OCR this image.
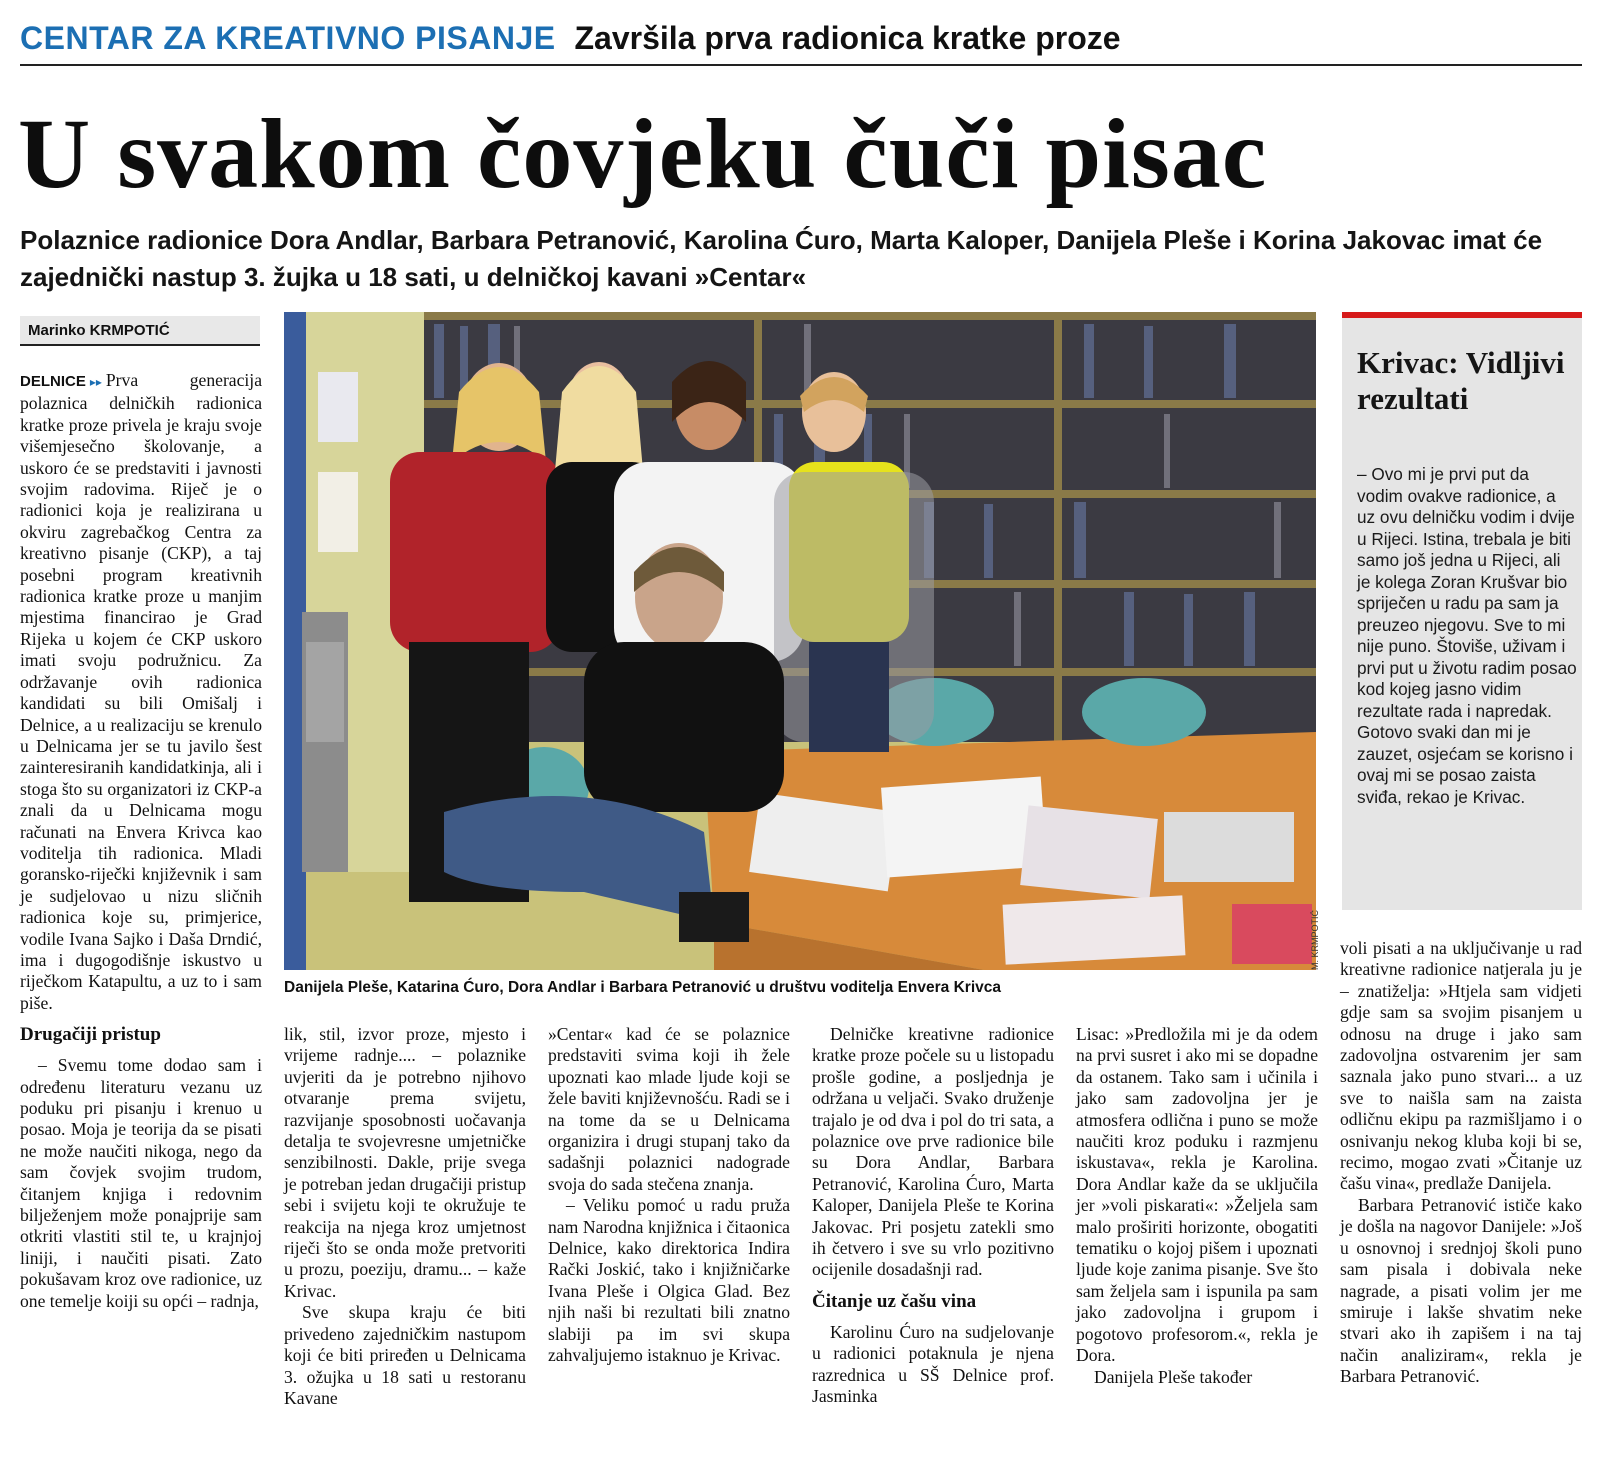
CENTAR ZA KREATIVNO PISANJE Završila prva radionica kratke proze
U svakom čovjeku čuči pisac
Polaznice radionice Dora Andlar, Barbara Petranović, Karolina Ćuro, Marta Kaloper, Danijela Pleše i Korina Jakovac imat će zajednički nastup 3. žujka u 18 sati, u delničkoj kavani »Centar«
Marinko KRMPOTIĆ

DELNICE ▸▸ Prva generacija polaznica delničkih radionica kratke proze privela je kraju svoje višemjesečno školovanje, a uskoro će se predstaviti i javnosti svojim radovima. Riječ je o radionici koja je realizirana u okviru zagrebačkog Centra za kreativno pisanje (CKP), a taj posebni program kreativnih radionica kratke proze u manjim mjestima financirao je Grad Rijeka u kojem će CKP uskoro imati svoju podružnicu. Za održavanje ovih radionica kandidati su bili Omišalj i Delnice, a u realizaciju se krenulo u Delnicama jer se tu javilo šest zainteresiranih kandidatkinja, ali i stoga što su organizatori iz CKP-a znali da u Delnicama mogu računati na Envera Krivca kao voditelja tih radionica. Mladi goransko-riječki književnik i sam je sudjelovao u nizu sličnih radionica koje su, primjerice, vodile Ivana Sajko i Daša Drndić, ima i dugogodišnje iskustvo u riječkom Katapultu, a uz to i sam piše.

Drugačiji pristup

– Svemu tome dodao sam i određenu literaturu vezanu uz poduku pri pisanju i krenuo u posao. Moja je teorija da se pisati ne može naučiti nikoga, nego da sam čovjek svojim trudom, čitanjem knjiga i redovnim bilježenjem može ponajprije sam otkriti vlastiti stil te, u krajnjoj liniji, i naučiti pisati. Zato pokušavam kroz ove radionice, uz one temelje koiji su opći – radnja,

M. KRMPOTIĆ
Danijela Pleše, Katarina Ćuro, Dora Andlar i Barbara Petranović u društvu voditelja Envera Krivca
Krivac: Vidljivi rezultati

– Ovo mi je prvi put da vodim ovakve radionice, a uz ovu delničku vodim i dvije u Rijeci. Istina, trebala je biti samo još jedna u Rijeci, ali je kolega Zoran Krušvar bio spriječen u radu pa sam ja preuzeo njegovu. Sve to mi nije puno. Štoviše, uživam i prvi put u životu radim posao kod kojeg jasno vidim rezultate rada i napredak. Gotovo svaki dan mi je zauzet, osjećam se korisno i ovaj mi se posao zaista sviđa, rekao je Krivac.

lik, stil, izvor proze, mjesto i vrijeme radnje.... – polaznike uvjeriti da je potrebno njihovo otvaranje prema svijetu, razvijanje sposobnosti uočavanja detalja te svojevresne umjetničke senzibilnosti. Dakle, prije svega je potreban jedan drugačiji pristup sebi i svijetu koji te okružuje te reakcija na njega kroz umjetnost riječi što se onda može pretvoriti u prozu, poeziju, dramu... – kaže Krivac.

Sve skupa kraju će biti privedeno zajedničkim nastupom koji će biti priređen u Delnicama 3. ožujka u 18 sati u restoranu Kavane

»Centar« kad će se polaznice predstaviti svima koji ih žele upoznati kao mlade ljude koji se žele baviti književnošću. Radi se i na tome da se u Delnicama organizira i drugi stupanj tako da sadašnji polaznici nadograde svoja do sada stečena znanja.

– Veliku pomoć u radu pruža nam Narodna knjižnica i čitaonica Delnice, kako direktorica Indira Rački Joskić, tako i knjižničarke Ivana Pleše i Olgica Glad. Bez njih naši bi rezultati bili znatno slabiji pa im svi skupa zahvaljujemo istaknuo je Krivac.

Delničke kreativne radionice kratke proze počele su u listopadu prošle godine, a posljednja je održana u veljači. Svako druženje trajalo je od dva i pol do tri sata, a polaznice ove prve radionice bile su Dora Andlar, Barbara Petranović, Karolina Ćuro, Marta Kaloper, Danijela Pleše te Korina Jakovac. Pri posjetu zatekli smo ih četvero i sve su vrlo pozitivno ocijenile dosadašnji rad.

Čitanje uz čašu vina

Karolinu Ćuro na sudjelovanje u radionici potaknula je njena razrednica u SŠ Delnice prof. Jasminka

Lisac: »Predložila mi je da odem na prvi susret i ako mi se dopadne da ostanem. Tako sam i učinila i jako sam zadovoljna jer je atmosfera odlična i puno se može naučiti kroz poduku i razmjenu iskustava«, rekla je Karolina. Dora Andlar kaže da se uključila jer »voli piskarati«: »Željela sam malo proširiti horizonte, obogatiti tematiku o kojoj pišem i upoznati ljude koje zanima pisanje. Sve što sam željela sam i ispunila pa sam jako zadovoljna i grupom i pogotovo profesorom.«, rekla je Dora.

Danijela Pleše također

voli pisati a na uključivanje u rad kreativne radionice natjerala ju je – znatiželja: »Htjela sam vidjeti gdje sam sa svojim pisanjem u odnosu na druge i jako sam zadovoljna ostvarenim jer sam saznala jako puno stvari... a uz sve to naišla sam na zaista odličnu ekipu pa razmišljamo i o osnivanju nekog kluba koji bi se, recimo, mogao zvati »Čitanje uz čašu vina«, predlaže Danijela.

Barbara Petranović ističe kako je došla na nagovor Danijele: »Još u osnovnoj i srednjoj školi puno sam pisala i dobivala neke nagrade, a pisati volim jer me smiruje i lakše shvatim neke stvari ako ih zapišem i na taj način analiziram«, rekla je Barbara Petranović.
